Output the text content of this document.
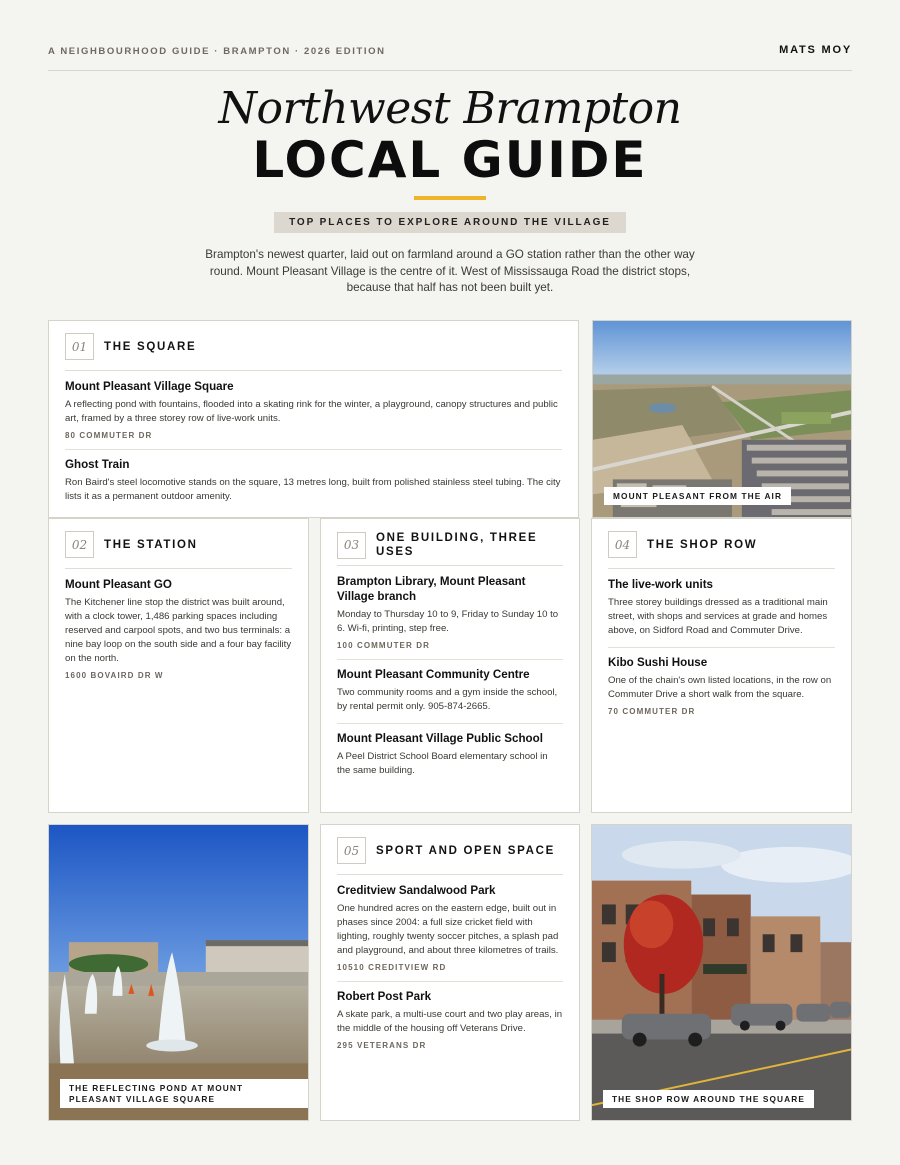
A NEIGHBOURHOOD GUIDE · BRAMPTON · 2026 EDITION	MATS MOY
Northwest Brampton
LOCAL GUIDE
TOP PLACES TO EXPLORE AROUND THE VILLAGE

Brampton's newest quarter, laid out on farmland around a GO station rather than the other way round. Mount Pleasant Village is the centre of it. West of Mississauga Road the district stops, because that half has not been built yet.

01	THE SQUARE
Mount Pleasant Village Square

A reflecting pond with fountains, flooded into a skating rink for the winter, a playground, canopy structures and public art, framed by a three storey row of live-work units.

80 COMMUTER DR
Ghost Train

Ron Baird's steel locomotive stands on the square, 13 metres long, built from polished stainless steel tubing. The city lists it as a permanent outdoor amenity.	MOUNT PLEASANT FROM THE AIR
02	THE STATION
Mount Pleasant GO

The Kitchener line stop the district was built around, with a clock tower, 1,486 parking spaces including reserved and carpool spots, and two bus terminals: a nine bay loop on the south side and a four bay facility on the north.

1600 BOVAIRD DR W
03	ONE BUILDING, THREE USES
Brampton Library, Mount Pleasant Village branch

Monday to Thursday 10 to 9, Friday to Sunday 10 to 6. Wi-fi, printing, step free.

100 COMMUTER DR
Mount Pleasant Community Centre

Two community rooms and a gym inside the school, by rental permit only. 905-874-2665.

Mount Pleasant Village Public School

A Peel District School Board elementary school in the same building.

04	THE SHOP ROW
The live-work units

Three storey buildings dressed as a traditional main street, with shops and services at grade and homes above, on Sidford Road and Commuter Drive.

Kibo Sushi House

One of the chain's own listed locations, in the row on Commuter Drive a short walk from the square.

70 COMMUTER DR
THE REFLECTING POND AT MOUNT PLEASANT VILLAGE SQUARE
05	SPORT AND OPEN SPACE
Creditview Sandalwood Park

One hundred acres on the eastern edge, built out in phases since 2004: a full size cricket field with lighting, roughly twenty soccer pitches, a splash pad and playground, and about three kilometres of trails.

10510 CREDITVIEW RD
Robert Post Park

A skate park, a multi-use court and two play areas, in the middle of the housing off Veterans Drive.

295 VETERANS DR
THE SHOP ROW AROUND THE SQUARE
